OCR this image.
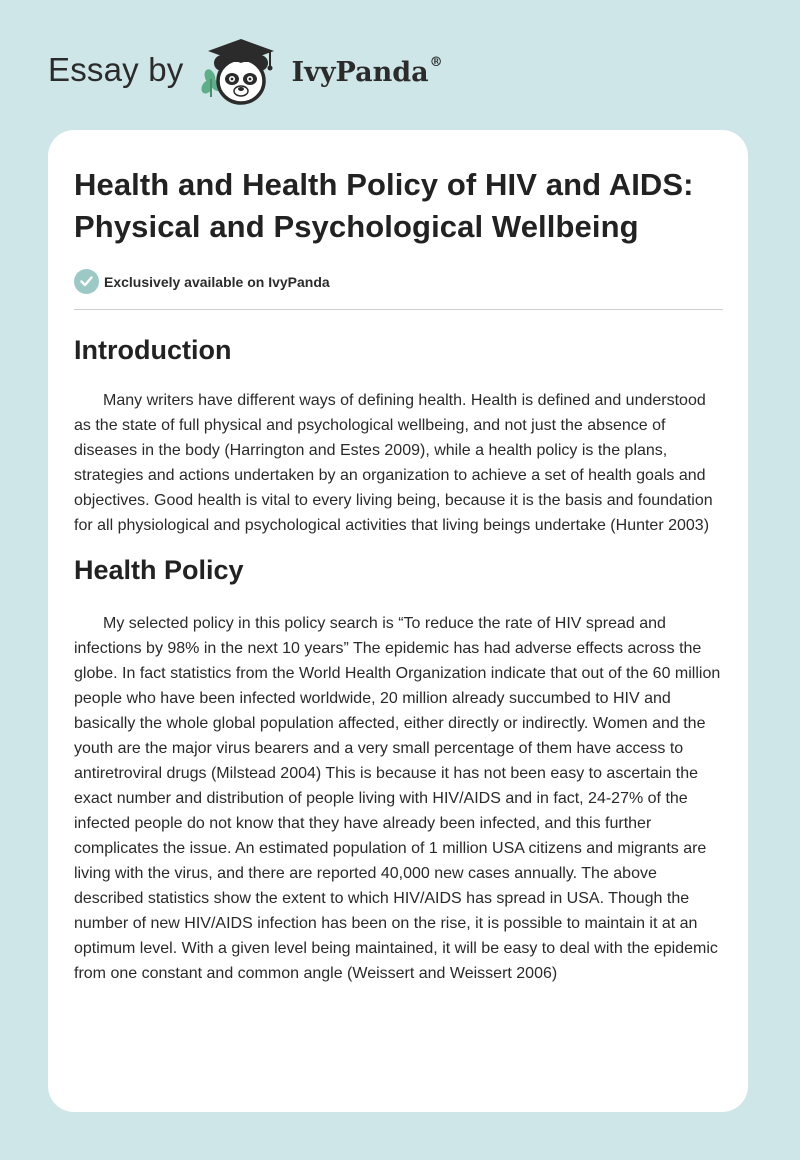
Essay by	IvyPanda®
Health and Health Policy of HIV and AIDS: Physical and Psychological Wellbeing
Exclusively available on IvyPanda
Introduction

Many writers have different ways of defining health. Health is defined and understood as the state of full physical and psychological wellbeing, and not just the absence of diseases in the body (Harrington and Estes 2009), while a health policy is the plans, strategies and actions undertaken by an organization to achieve a set of health goals and objectives. Good health is vital to every living being, because it is the basis and foundation for all physiological and psychological activities that living beings undertake (Hunter 2003)

Health Policy

My selected policy in this policy search is “To reduce the rate of HIV spread and infections by 98% in the next 10 years” The epidemic has had adverse effects across the globe. In fact statistics from the World Health Organization indicate that out of the 60 million people who have been infected worldwide, 20 million already succumbed to HIV and basically the whole global population affected, either directly or indirectly. Women and the youth are the major virus bearers and a very small percentage of them have access to antiretroviral drugs (Milstead 2004) This is because it has not been easy to ascertain the exact number and distribution of people living with HIV/AIDS and in fact, 24-27% of the infected people do not know that they have already been infected, and this further complicates the issue. An estimated population of 1 million USA citizens and migrants are living with the virus, and there are reported 40,000 new cases annually. The above described statistics show the extent to which HIV/AIDS has spread in USA. Though the number of new HIV/AIDS infection has been on the rise, it is possible to maintain it at an optimum level. With a given level being maintained, it will be easy to deal with the epidemic from one constant and common angle (Weissert and Weissert 2006)
